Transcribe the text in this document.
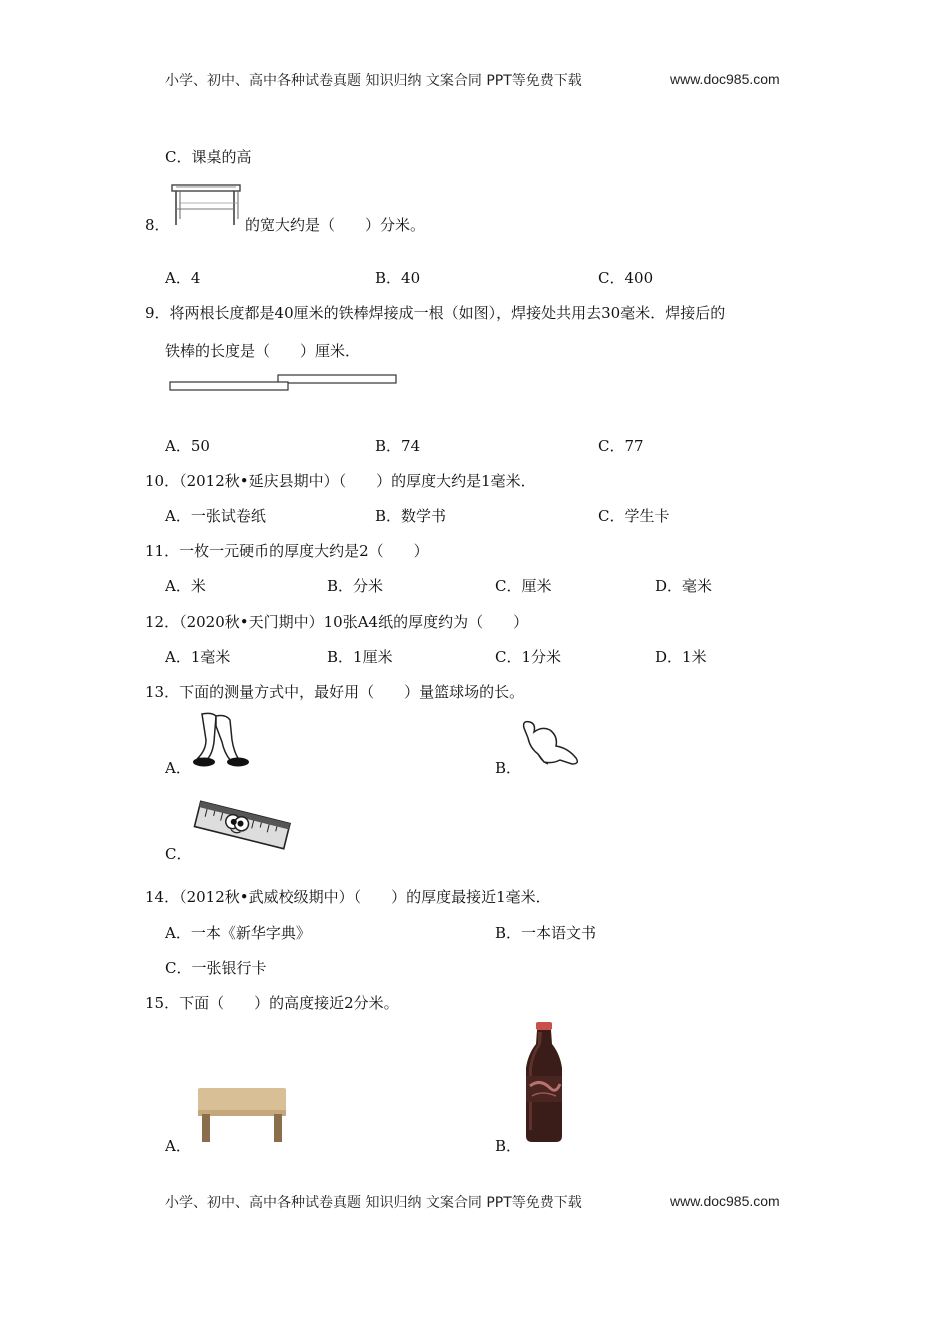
小学、初中、高中各种试卷真题 知识归纳 文案合同 PPT等免费下载	www.doc985.com
C．课桌的高
8．	的宽大约是（　　）分米。
A．4	B．40	C．400
9．将两根长度都是40厘米的铁棒焊接成一根（如图），焊接处共用去30毫米．焊接后的
铁棒的长度是（　　）厘米．
A．50	B．74	C．77
10．（2012秋•延庆县期中）（　　）的厚度大约是1毫米．
A．一张试卷纸	B．数学书	C．学生卡
11．一枚一元硬币的厚度大约是2（　　）
A．米	B．分米	C．厘米	D．毫米
12．（2020秋•天门期中）10张A4纸的厚度约为（　　）
A．1毫米	B．1厘米	C．1分米	D．1米
13．下面的测量方式中，最好用（　　）量篮球场的长。
A．	B．
C．
14．（2012秋•武威校级期中）（　　）的厚度最接近1毫米．
A．一本《新华字典》	B．一本语文书
C．一张银行卡
15．下面（　　）的高度接近2分米。
A．	B．
小学、初中、高中各种试卷真题 知识归纳 文案合同 PPT等免费下载	www.doc985.com
